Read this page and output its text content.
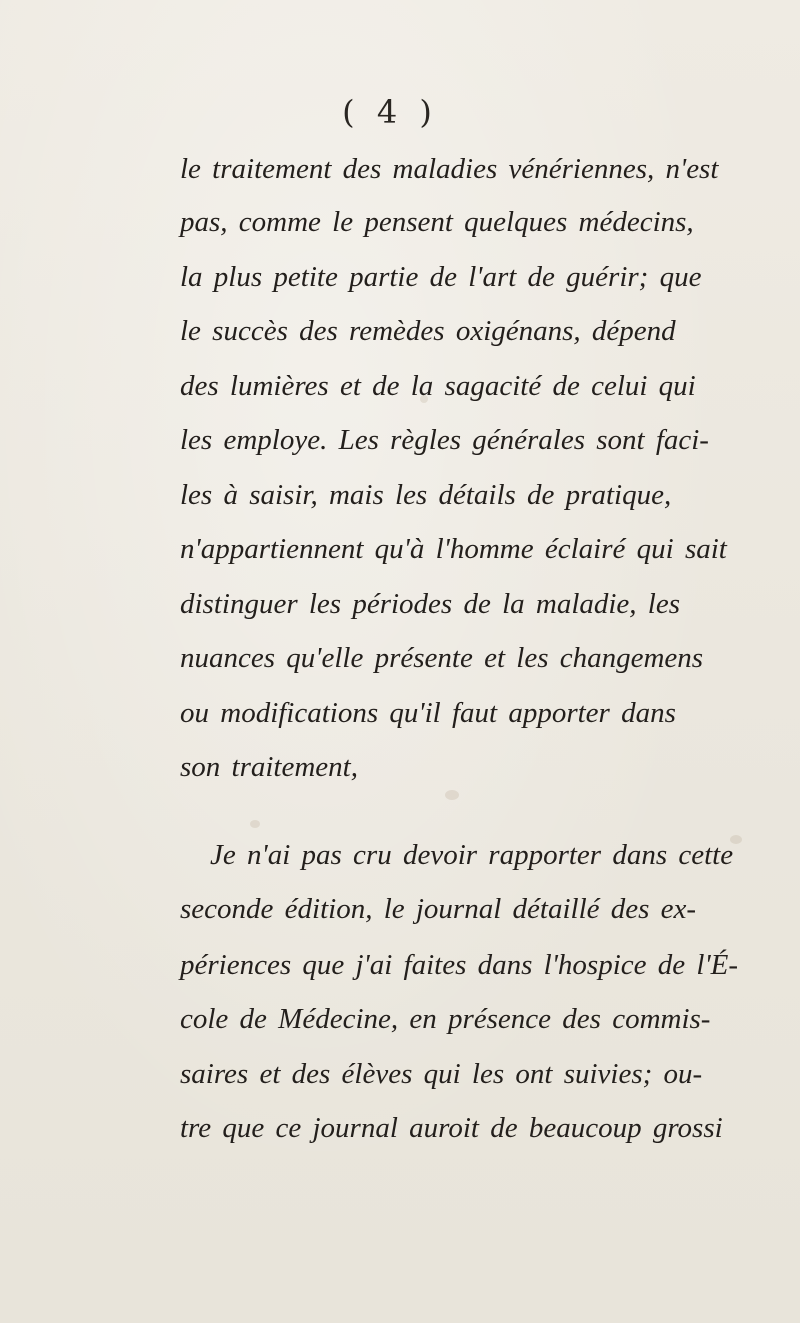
( 4 )
le traitement des maladies vénériennes, n'est
pas, comme le pensent quelques médecins,
la plus petite partie de l'art de guérir; que
le succès des remèdes oxigénans, dépend
des lumières et de la sagacité de celui qui
les employe. Les règles générales sont faci-
les à saisir, mais les détails de pratique,
n'appartiennent qu'à l'homme éclairé qui sait
distinguer les périodes de la maladie, les
nuances qu'elle présente et les changemens
ou modifications qu'il faut apporter dans
son traitement,
Je n'ai pas cru devoir rapporter dans cette
seconde édition, le journal détaillé des ex-
périences que j'ai faites dans l'hospice de l'É-
cole de Médecine, en présence des commis-
saires et des élèves qui les ont suivies; ou-
tre que ce journal auroit de beaucoup grossi
